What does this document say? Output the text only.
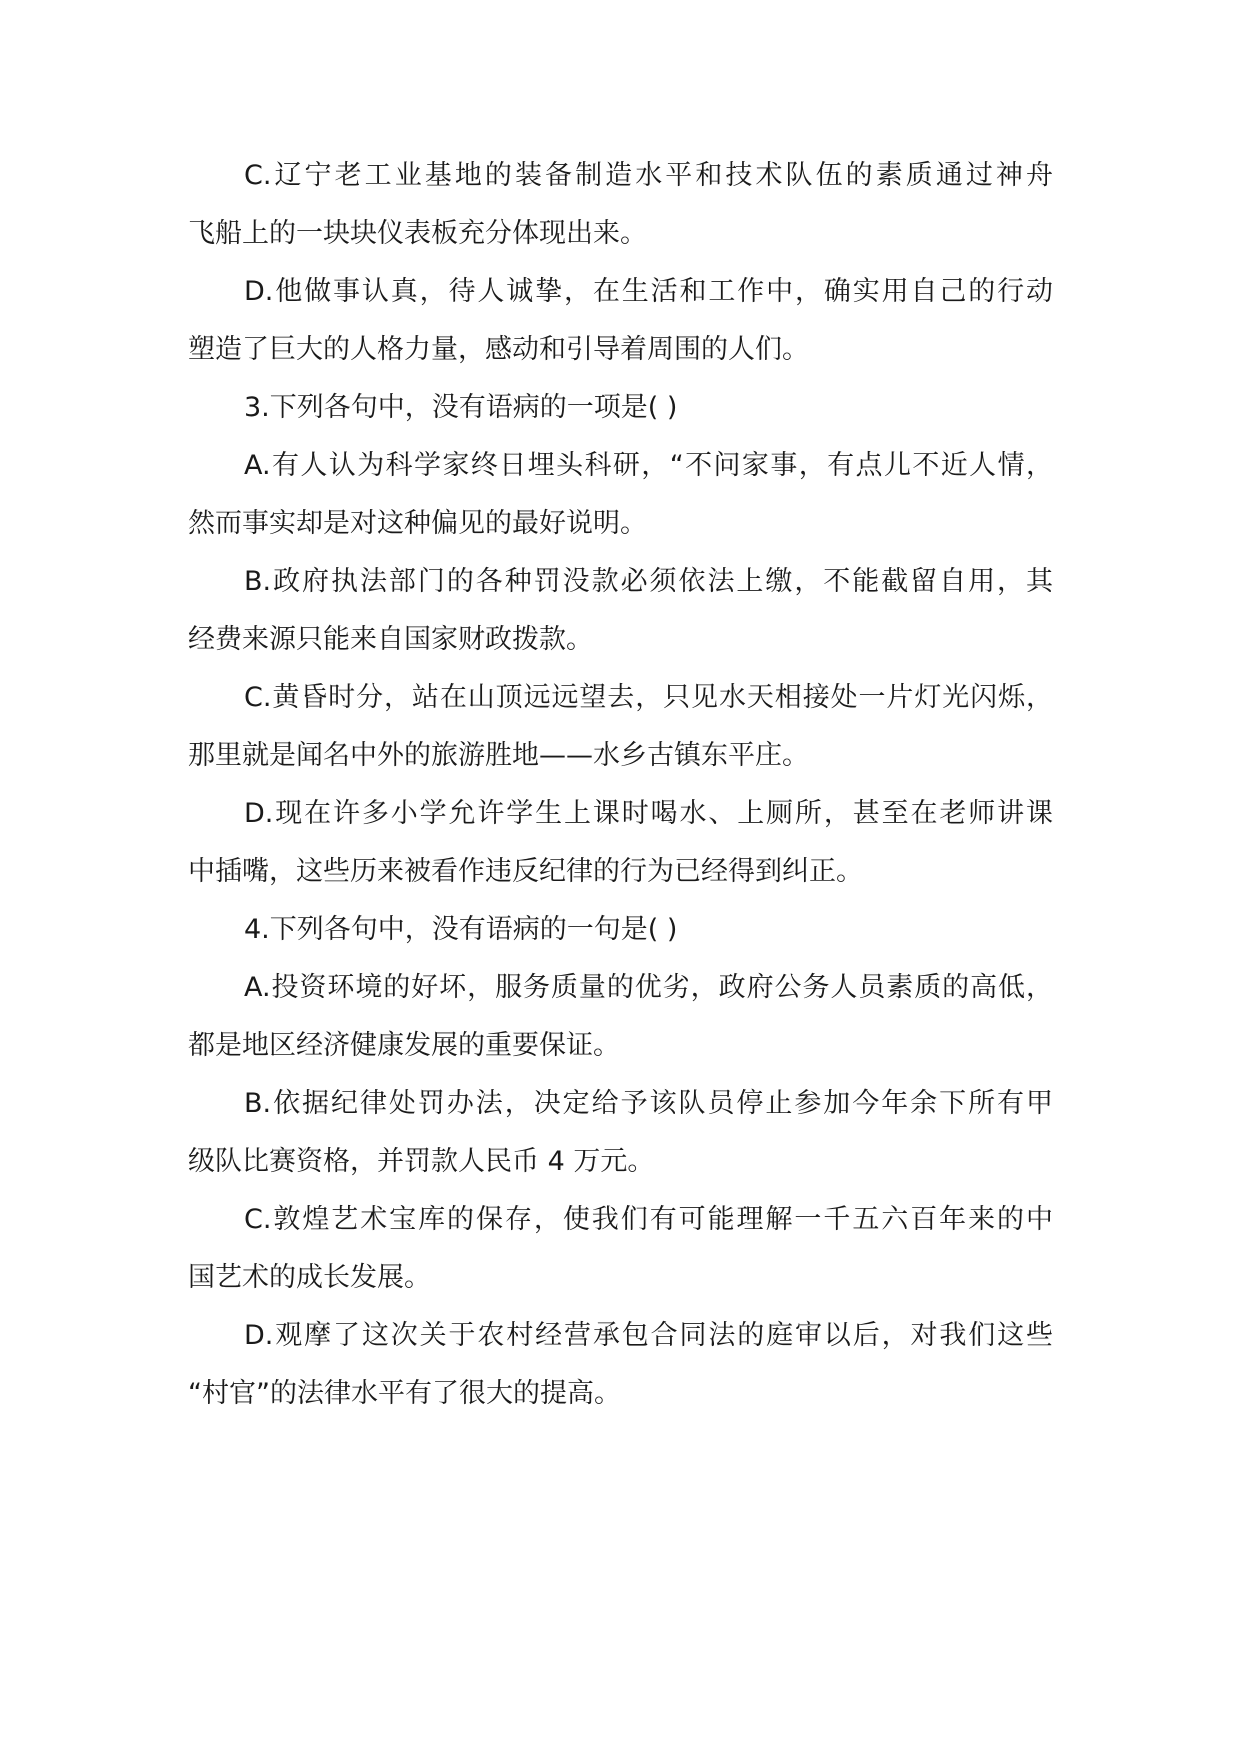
C.辽宁老工业基地的装备制造水平和技术队伍的素质通过神舟
飞船上的一块块仪表板充分体现出来。
D.他做事认真，待人诚挚，在生活和工作中，确实用自己的行动
塑造了巨大的人格力量，感动和引导着周围的人们。
3.下列各句中，没有语病的一项是( )
A.有人认为科学家终日埋头科研，“不问家事，有点儿不近人情，
然而事实却是对这种偏见的最好说明。
B.政府执法部门的各种罚没款必须依法上缴，不能截留自用，其
经费来源只能来自国家财政拨款。
C.黄昏时分，站在山顶远远望去，只见水天相接处一片灯光闪烁，
那里就是闻名中外的旅游胜地——水乡古镇东平庄。
D.现在许多小学允许学生上课时喝水、上厕所，甚至在老师讲课
中插嘴，这些历来被看作违反纪律的行为已经得到纠正。
4.下列各句中，没有语病的一句是( )
A.投资环境的好坏，服务质量的优劣，政府公务人员素质的高低，
都是地区经济健康发展的重要保证。
B.依据纪律处罚办法，决定给予该队员停止参加今年余下所有甲
级队比赛资格，并罚款人民币 4 万元。
C.敦煌艺术宝库的保存，使我们有可能理解一千五六百年来的中
国艺术的成长发展。
D.观摩了这次关于农村经营承包合同法的庭审以后，对我们这些
“村官”的法律水平有了很大的提高。
